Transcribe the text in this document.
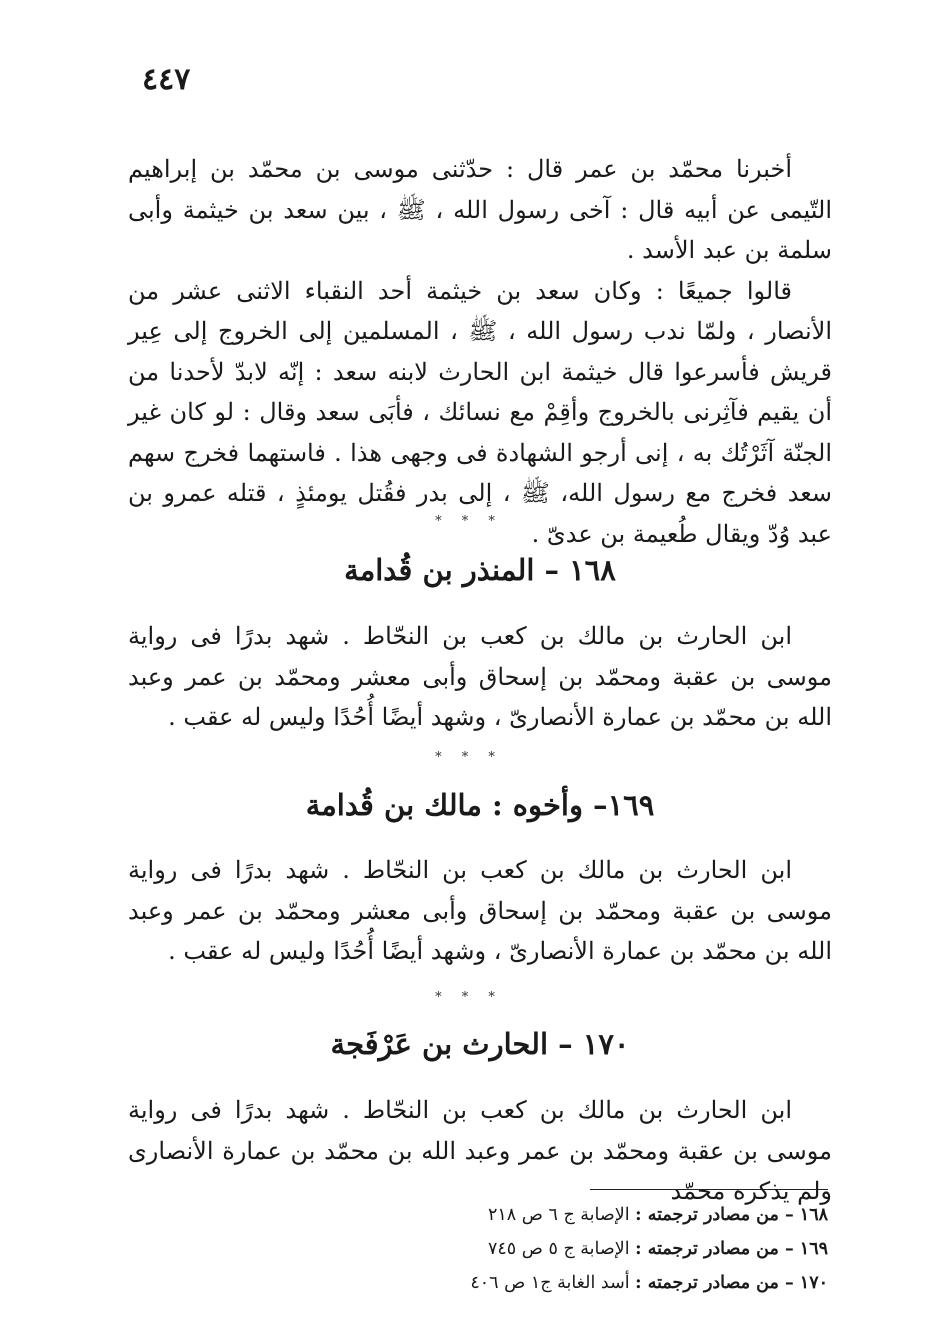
٤٤٧

أخبرنا محمّد بن عمر قال : حدّثنى موسى بن محمّد بن إبراهيم التّيمى عن أبيه قال : آخى رسول الله ، ﷺ ، بين سعد بن خيثمة وأبى سلمة بن عبد الأسد .

قالوا جميعًا : وكان سعد بن خيثمة أحد النقباء الاثنى عشر من الأنصار ، ولمّا ندب رسول الله ، ﷺ ، المسلمين إلى الخروج إلى عِير قريش فأسرعوا قال خيثمة ابن الحارث لابنه سعد : إنّه لابدّ لأحدنا من أن يقيم فآثِرنى بالخروج وأقِمْ مع نسائك ، فأبَى سعد وقال : لو كان غير الجنّة آثَرْتُك به ، إنى أرجو الشهادة فى وجهى هذا . فاستهما فخرج سهم سعد فخرج مع رسول الله، ﷺ ، إلى بدر فقُتل يومئذٍ ، قتله عمرو بن عبد وُدّ ويقال طُعيمة بن عدىّ .

* * *
١٦٨ – المنذر بن قُدامة

ابن الحارث بن مالك بن كعب بن النحّاط . شهد بدرًا فى رواية موسى بن عقبة ومحمّد بن إسحاق وأبى معشر ومحمّد بن عمر وعبد الله بن محمّد بن عمارة الأنصارىّ ، وشهد أيضًا أُحُدًا وليس له عقب .

* * *
١٦٩– وأخوه : مالك بن قُدامة

ابن الحارث بن مالك بن كعب بن النحّاط . شهد بدرًا فى رواية موسى بن عقبة ومحمّد بن إسحاق وأبى معشر ومحمّد بن عمر وعبد الله بن محمّد بن عمارة الأنصارىّ ، وشهد أيضًا أُحُدًا وليس له عقب .

* * *
١٧٠ – الحارث بن عَرْفَجة

ابن الحارث بن مالك بن كعب بن النحّاط . شهد بدرًا فى رواية موسى بن عقبة ومحمّد بن عمر وعبد الله بن محمّد بن عمارة الأنصارى ولم يذكره محمّد

١٦٨ – من مصادر ترجمته : الإصابة ج ٦ ص ٢١٨
١٦٩ – من مصادر ترجمته : الإصابة ج ٥ ص ٧٤٥
١٧٠ – من مصادر ترجمته : أسد الغابة ج١ ص ٤٠٦
